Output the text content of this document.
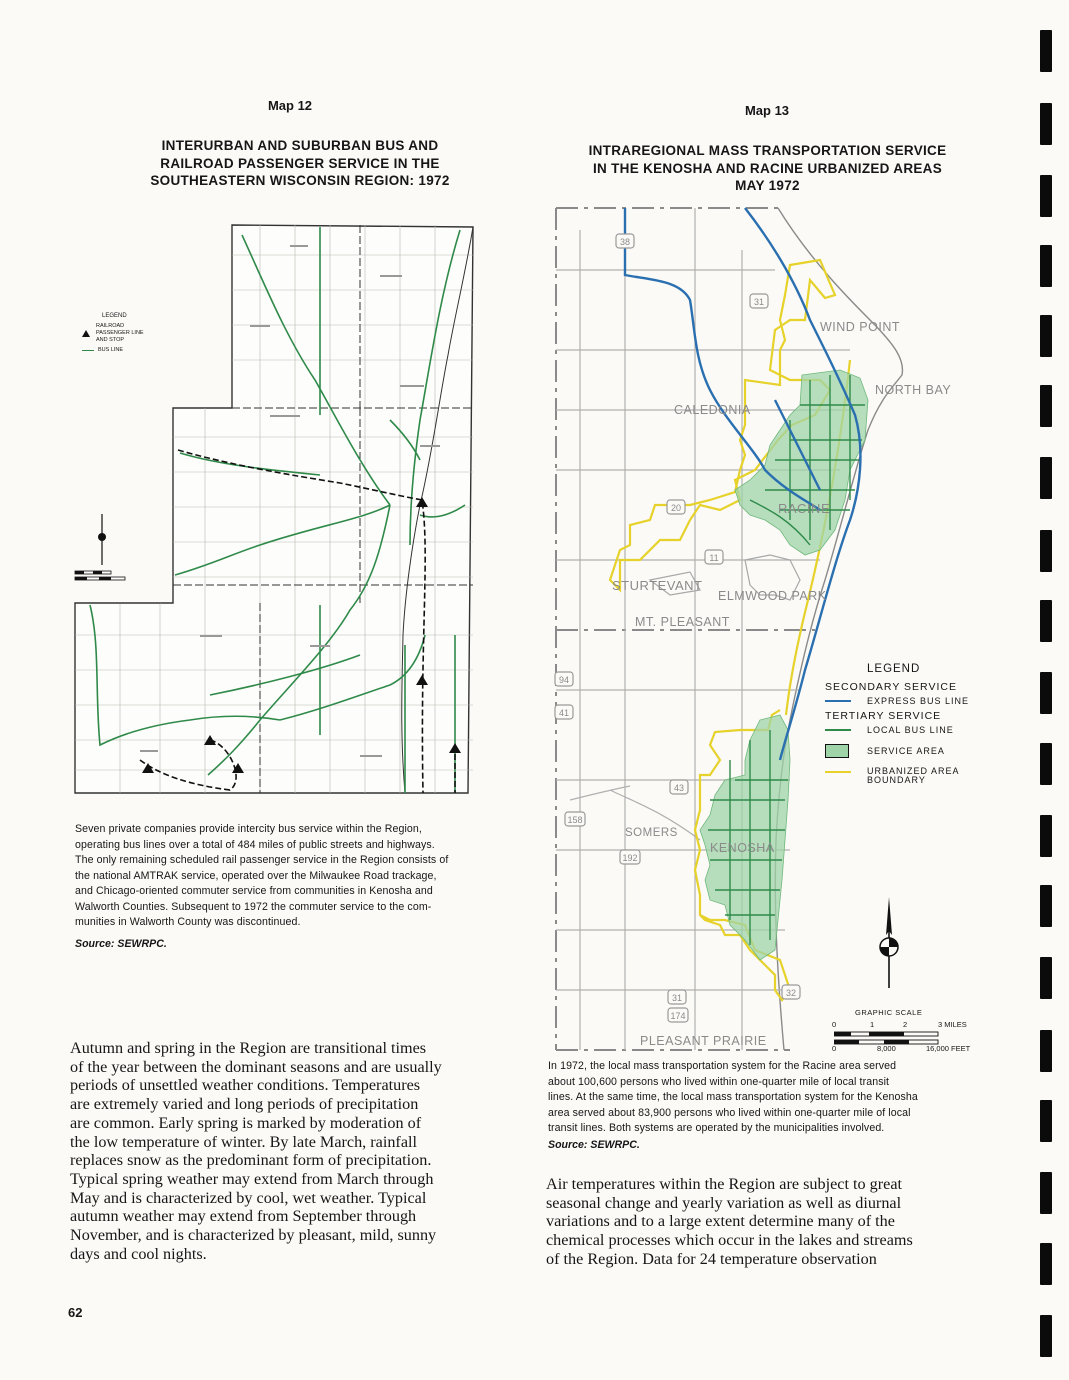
Map 12
INTERURBAN AND SUBURBAN BUS AND
RAILROAD PASSENGER SERVICE IN THE
SOUTHEASTERN WISCONSIN REGION: 1972
LEGEND
RAILROAD PASSENGER LINE AND STOP
BUS LINE
Seven private companies provide intercity bus service within the Region,
operating bus lines over a total of 484 miles of public streets and highways.
The only remaining scheduled rail passenger service in the Region consists of
the national AMTRAK service, operated over the Milwaukee Road trackage,
and Chicago-oriented commuter service from communities in Kenosha and
Walworth Counties. Subsequent to 1972 the commuter service to the com-
munities in Walworth County was discontinued.
Source: SEWRPC.
Autumn and spring in the Region are transitional times
of the year between the dominant seasons and are usually
periods of unsettled weather conditions. Temperatures
are extremely varied and long periods of precipitation
are common. Early spring is marked by moderation of
the low temperature of winter. By late March, rainfall
replaces snow as the predominant form of precipitation.
Typical spring weather may extend from March through
May and is characterized by cool, wet weather. Typical
autumn weather may extend from September through
November, and is characterized by pleasant, mild, sunny
days and cool nights.
62
Map 13
INTRAREGIONAL MASS TRANSPORTATION SERVICE
IN THE KENOSHA AND RACINE URBANIZED AREAS
MAY 1972
38
31
20
11
94
41
158
43
192
31
174
32
WIND POINT
NORTH BAY
CALEDONIA
RACINE
STURTEVANT
ELMWOOD PARK
MT. PLEASANT
SOMERS
KENOSHA
PLEASANT PRAIRIE
LEGEND
SECONDARY SERVICE
EXPRESS BUS LINE
TERTIARY SERVICE
LOCAL BUS LINE
SERVICE AREA
URBANIZED AREA
BOUNDARY
GRAPHIC SCALE
0	1	2	3 MILES
0	8,000	16,000 FEET
In 1972, the local mass transportation system for the Racine area served
about 100,600 persons who lived within one-quarter mile of local transit
lines. At the same time, the local mass transportation system for the Kenosha
area served about 83,900 persons who lived within one-quarter mile of local
transit lines. Both systems are operated by the municipalities involved.
Source: SEWRPC.
Air temperatures within the Region are subject to great
seasonal change and yearly variation as well as diurnal
variations and to a large extent determine many of the
chemical processes which occur in the lakes and streams
of the Region. Data for 24 temperature observation
